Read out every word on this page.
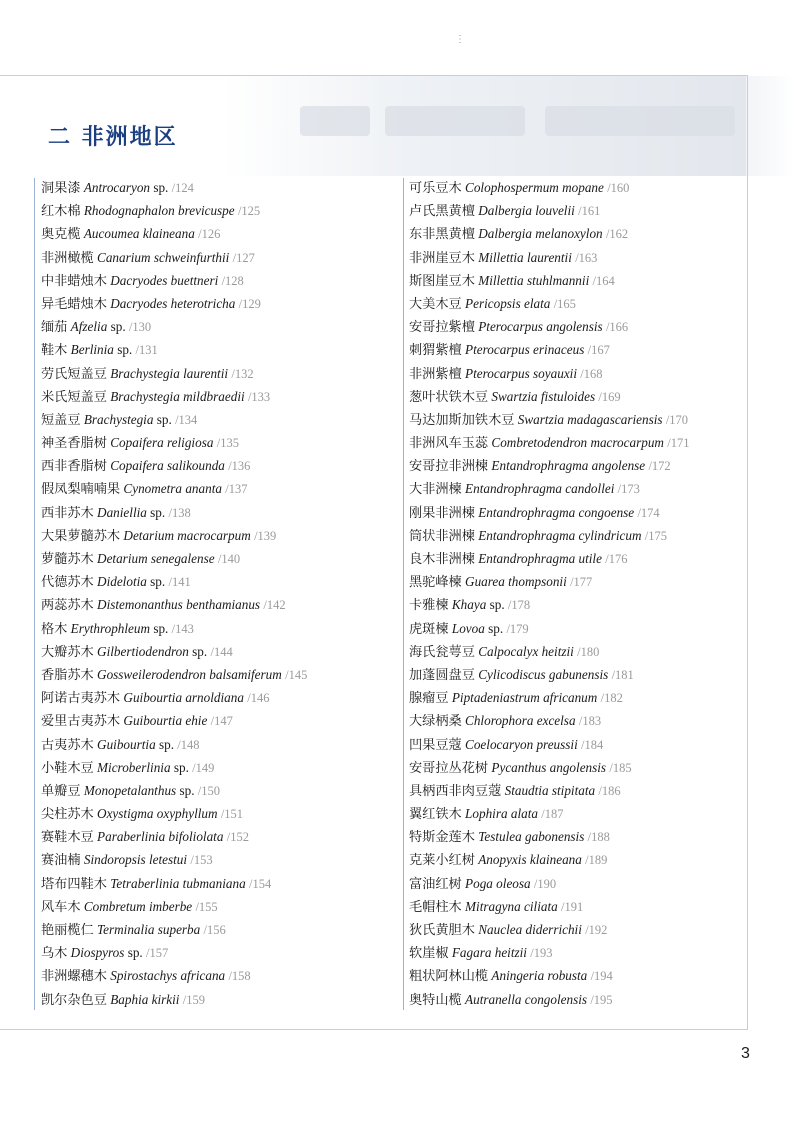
⋮
二 非洲地区
洞果漆 Antrocaryon sp. /124
红木棉 Rhodognaphalon brevicuspe /125
奥克榄 Aucoumea klaineana /126
非洲橄榄 Canarium schweinfurthii /127
中非蜡烛木 Dacryodes buettneri /128
异毛蜡烛木 Dacryodes heterotricha /129
缅茄 Afzelia sp. /130
鞋木 Berlinia sp. /131
劳氏短盖豆 Brachystegia laurentii /132
米氏短盖豆 Brachystegia mildbraedii /133
短盖豆 Brachystegia sp. /134
神圣香脂树 Copaifera religiosa /135
西非香脂树 Copaifera salikounda /136
假凤梨喃喃果 Cynometra ananta /137
西非苏木 Daniellia sp. /138
大果萝髓苏木 Detarium macrocarpum /139
萝髓苏木 Detarium senegalense /140
代德苏木 Didelotia sp. /141
两蕊苏木 Distemonanthus benthamianus /142
格木 Erythrophleum sp. /143
大瓣苏木 Gilbertiodendron sp. /144
香脂苏木 Gossweilerodendron balsamiferum /145
阿诺古夷苏木 Guibourtia arnoldiana /146
爱里古夷苏木 Guibourtia ehie /147
古夷苏木 Guibourtia sp. /148
小鞋木豆 Microberlinia sp. /149
单瓣豆 Monopetalanthus sp. /150
尖柱苏木 Oxystigma oxyphyllum /151
赛鞋木豆 Paraberlinia bifoliolata /152
赛油楠 Sindoropsis letestui /153
塔布四鞋木 Tetraberlinia tubmaniana /154
风车木 Combretum imberbe /155
艳丽榄仁 Terminalia superba /156
乌木 Diospyros sp. /157
非洲螺穗木 Spirostachys africana /158
凯尔杂色豆 Baphia kirkii /159
可乐豆木 Colophospermum mopane /160
卢氏黑黄檀 Dalbergia louvelii /161
东非黑黄檀 Dalbergia melanoxylon /162
非洲崖豆木 Millettia laurentii /163
斯图崖豆木 Millettia stuhlmannii /164
大美木豆 Pericopsis elata /165
安哥拉紫檀 Pterocarpus angolensis /166
刺猬紫檀 Pterocarpus erinaceus /167
非洲紫檀 Pterocarpus soyauxii /168
葱叶状铁木豆 Swartzia fistuloides /169
马达加斯加铁木豆 Swartzia madagascariensis /170
非洲风车玉蕊 Combretodendron macrocarpum /171
安哥拉非洲楝 Entandrophragma angolense /172
大非洲楝 Entandrophragma candollei /173
刚果非洲楝 Entandrophragma congoense /174
筒状非洲楝 Entandrophragma cylindricum /175
良木非洲楝 Entandrophragma utile /176
黑驼峰楝 Guarea thompsonii /177
卡雅楝 Khaya sp. /178
虎斑楝 Lovoa sp. /179
海氏瓮萼豆 Calpocalyx heitzii /180
加蓬圆盘豆 Cylicodiscus gabunensis /181
腺瘤豆 Piptadeniastrum africanum /182
大绿柄桑 Chlorophora excelsa /183
凹果豆蔻 Coelocaryon preussii /184
安哥拉丛花树 Pycanthus angolensis /185
具柄西非肉豆蔻 Staudtia stipitata /186
翼红铁木 Lophira alata /187
特斯金莲木 Testulea gabonensis /188
克莱小红树 Anopyxis klaineana /189
富油红树 Poga oleosa /190
毛帽柱木 Mitragyna ciliata /191
狄氏黄胆木 Nauclea diderrichii /192
软崖椒 Fagara heitzii /193
粗状阿林山榄 Aningeria robusta /194
奥特山榄 Autranella congolensis /195
3
